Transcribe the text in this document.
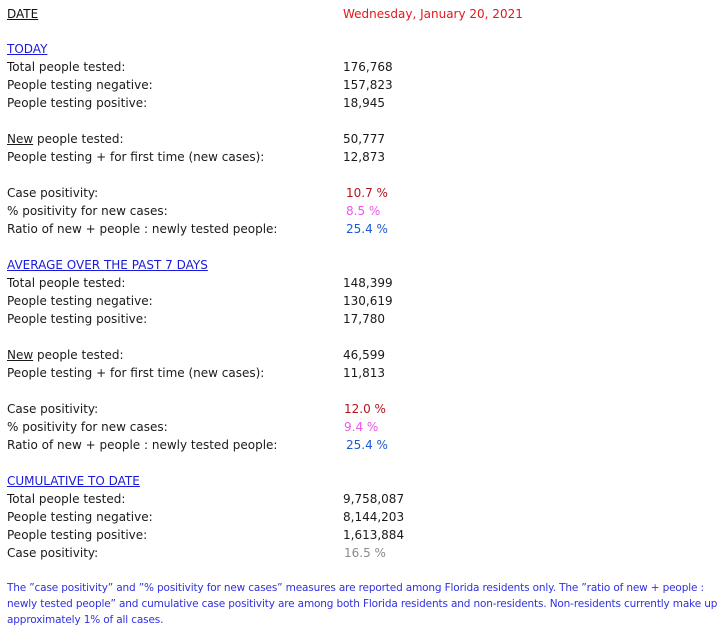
DATE	Wednesday, January 20, 2021
TODAY
Total people tested:	176,768
People testing negative:	157,823
People testing positive:	18,945
New people tested:	50,777
People testing + for first time (new cases):	12,873
Case positivity:	10.7 %
% positivity for new cases:	8.5 %
Ratio of new + people : newly tested people:	25.4 %
AVERAGE OVER THE PAST 7 DAYS
Total people tested:	148,399
People testing negative:	130,619
People testing positive:	17,780
New people tested:	46,599
People testing + for first time (new cases):	11,813
Case positivity:	12.0 %
% positivity for new cases:	9.4 %
Ratio of new + people : newly tested people:	25.4 %
CUMULATIVE TO DATE
Total people tested:	9,758,087
People testing negative:	8,144,203
People testing positive:	1,613,884
Case positivity:	16.5 %
The ”case positivity” and ”% positivity for new cases” measures are reported among Florida residents only. The ”ratio of new + people : newly tested people” and cumulative case positivity are among both Florida residents and non-residents. Non-residents currently make up approximately 1% of all cases.
